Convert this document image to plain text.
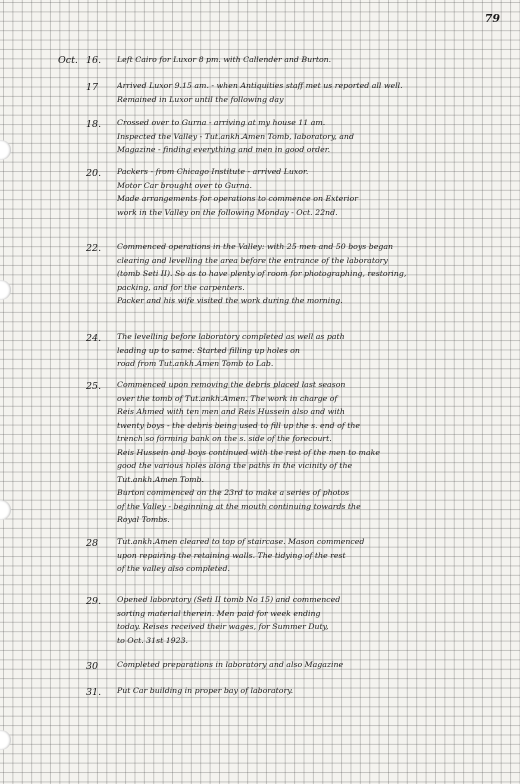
79
Oct. 16. Left Cairo for Luxor 8 pm. with Callender and Burton.
17 Arrived Luxor 9.15 am. - when Antiquities staff met us reported all well.
Remained in Luxor until the following day
18. Crossed over to Gurna - arriving at my house 11 am.
Inspected the Valley - Tut.ankh.Amen Tomb, laboratory, and
Magazine - finding everything and men in good order.
20. Packers - from Chicago Institute - arrived Luxor.
Motor Car brought over to Gurna.
Made arrangements for operations to commence on Exterior
work in the Valley on the following Monday - Oct. 22nd.
22. Commenced operations in the Valley: with 25 men and 50 boys began
clearing and levelling the area before the entrance of the laboratory
(tomb Seti II). So as to have plenty of room for photographing, restoring,
packing, and for the carpenters.
Packer and his wife visited the work during the morning.
24. The levelling before laboratory completed as well as path
leading up to same. Started filling up holes on
road from Tut.ankh.Amen Tomb to Lab.
25. Commenced upon removing the debris placed last season
over the tomb of Tut.ankh.Amen. The work in charge of
Reis Ahmed with ten men and Reis Hussein also and with
twenty boys - the debris being used to fill up the s. end of the
trench so forming bank on the s. side of the forecourt.
Reis Hussein and boys continued with the rest of the men to make
good the various holes along the paths in the vicinity of the
Tut.ankh.Amen Tomb.
Burton commenced on the 23rd to make a series of photos
of the Valley - beginning at the mouth continuing towards the
Royal Tombs.
28 Tut.ankh.Amen cleared to top of staircase. Mason commenced
upon repairing the retaining walls. The tidying of the rest
of the valley also completed.
29. Opened laboratory (Seti II tomb No 15) and commenced
sorting material therein. Men paid for week ending
today. Reises received their wages, for Summer Duty,
to Oct. 31st 1923.
30 Completed preparations in laboratory and also Magazine
31. Put Car building in proper bay of laboratory.
